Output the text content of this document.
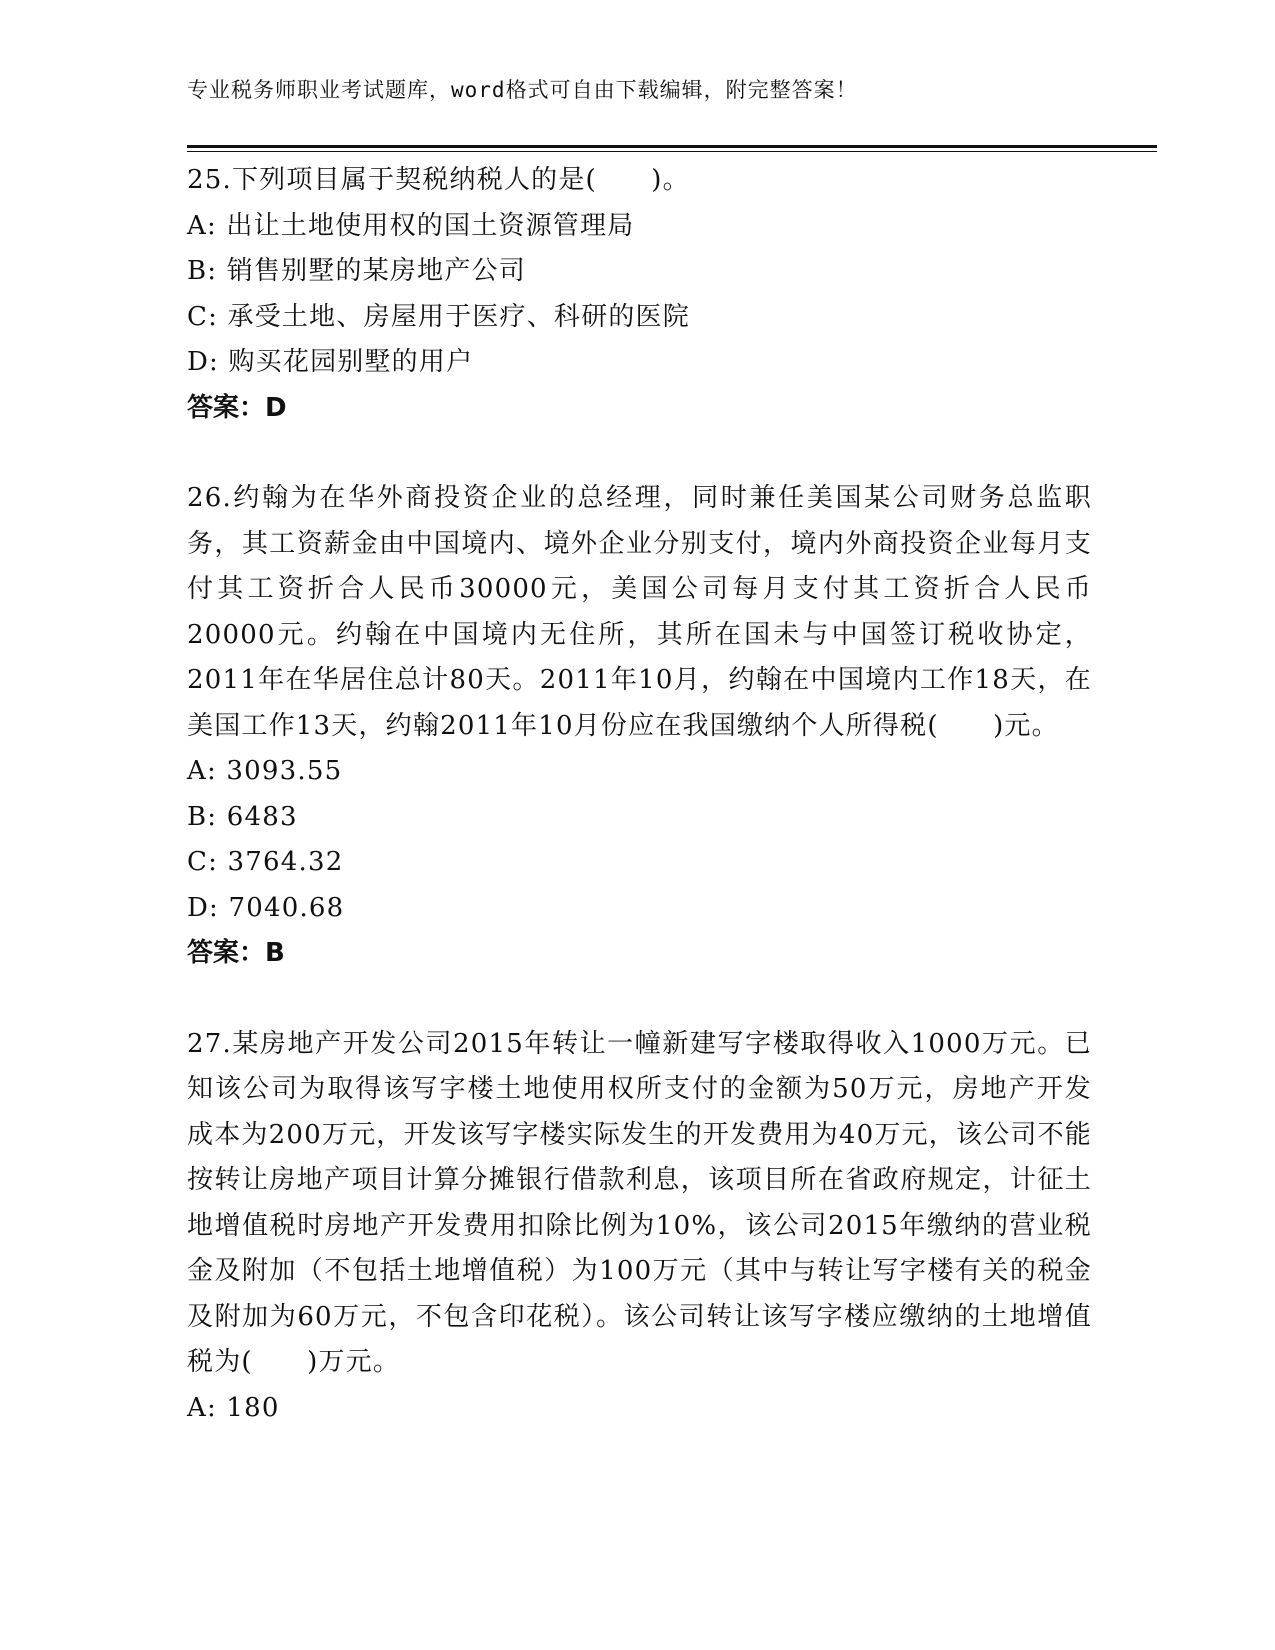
专业税务师职业考试题库，word格式可自由下载编辑，附完整答案！

25.下列项目属于契税纳税人的是(　　)。

A: 出让土地使用权的国土资源管理局

B: 销售别墅的某房地产公司

C: 承受土地、房屋用于医疗、科研的医院

D: 购买花园别墅的用户

答案：D

26.约翰为在华外商投资企业的总经理，同时兼任美国某公司财务总监职务，其工资薪金由中国境内、境外企业分别支付，境内外商投资企业每月支付其工资折合人民币30000元，美国公司每月支付其工资折合人民币20000元。约翰在中国境内无住所，其所在国未与中国签订税收协定，2011年在华居住总计80天。2011年10月，约翰在中国境内工作18天，在美国工作13天，约翰2011年10月份应在我国缴纳个人所得税(　　)元。

A: 3093.55

B: 6483

C: 3764.32

D: 7040.68

答案：B

27.某房地产开发公司2015年转让一幢新建写字楼取得收入1000万元。已知该公司为取得该写字楼土地使用权所支付的金额为50万元，房地产开发成本为200万元，开发该写字楼实际发生的开发费用为40万元，该公司不能按转让房地产项目计算分摊银行借款利息，该项目所在省政府规定，计征土地增值税时房地产开发费用扣除比例为10%，该公司2015年缴纳的营业税金及附加（不包括土地增值税）为100万元（其中与转让写字楼有关的税金及附加为60万元，不包含印花税）。该公司转让该写字楼应缴纳的土地增值税为(　　)万元。

A: 180
